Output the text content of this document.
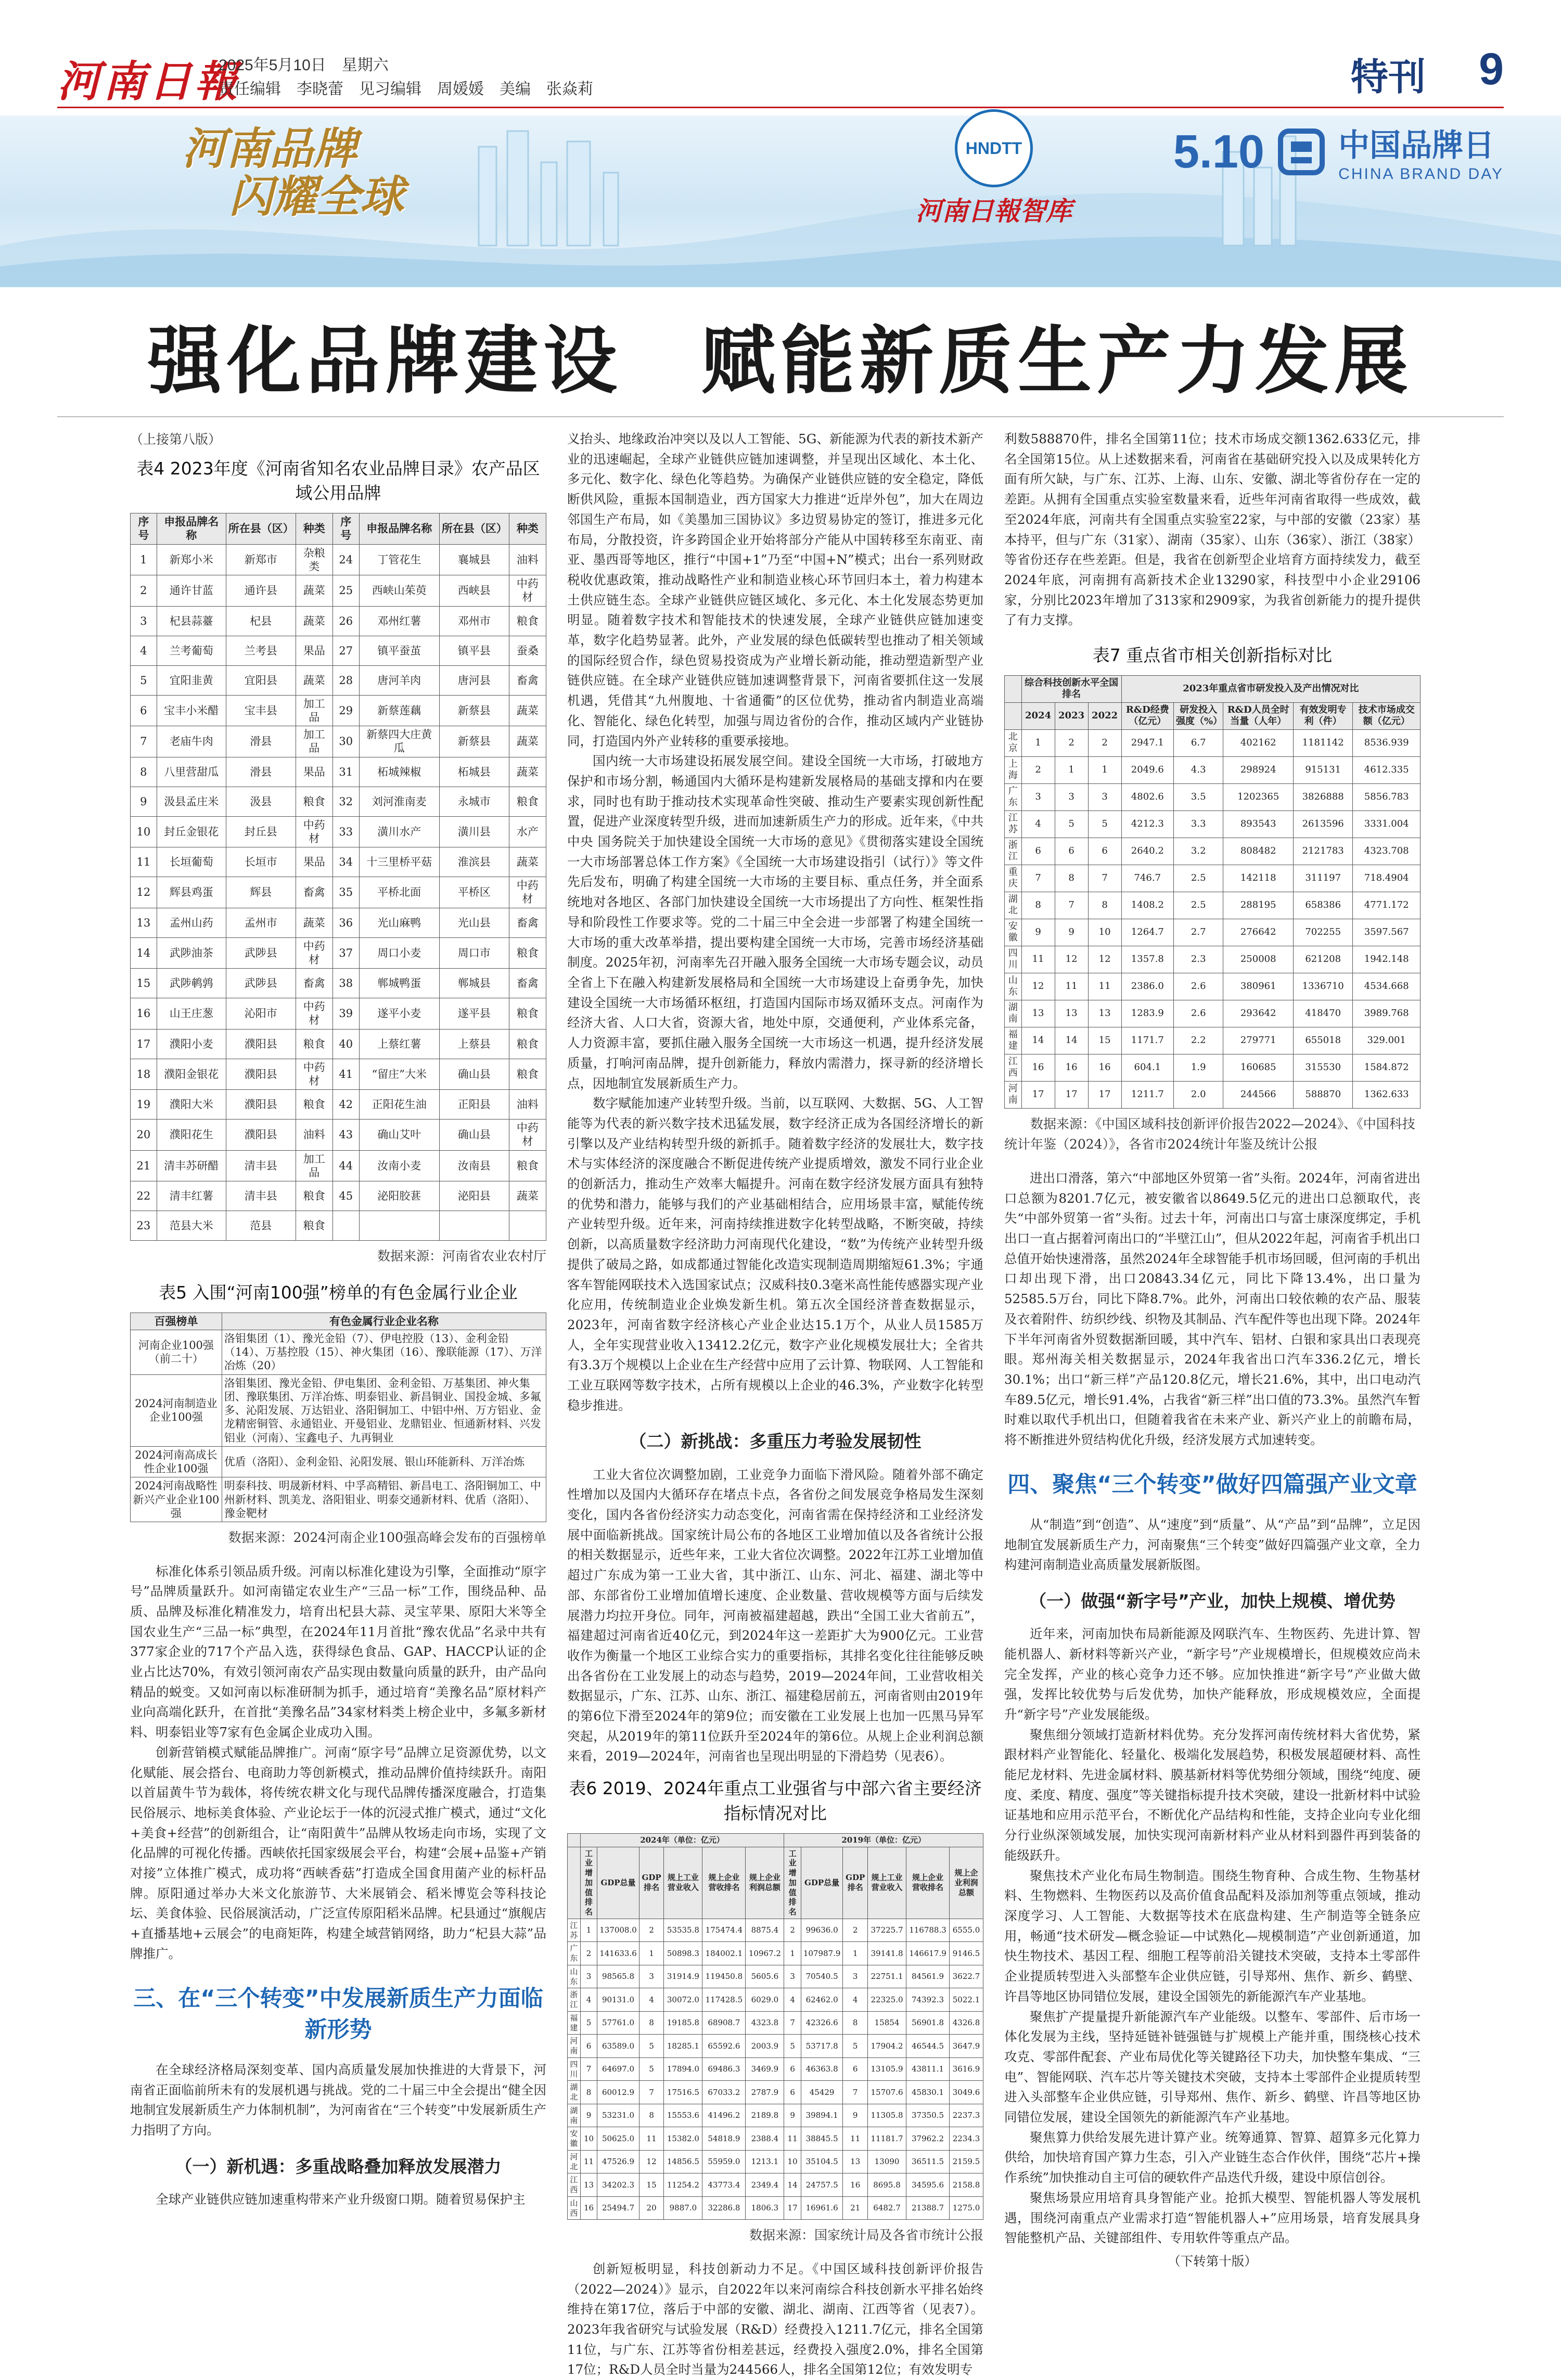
河南日報
2025年5月10日　星期六
责任编辑　李晓蕾　见习编辑　周媛媛　美编　张焱莉	特刊 9
河南品牌
闪耀全球
HNDTT
河南日報智库
5.10 中国品牌日
CHINA BRAND DAY
强化品牌建设　赋能新质生产力发展
（上接第八版）
表4 2023年度《河南省知名农业品牌目录》农产品区域公用品牌
序号	申报品牌名称	所在县（区）	种类	序号	申报品牌名称	所在县（区）	种类
1	新郑小米	新郑市	杂粮类	24	丁管花生	襄城县	油料
2	通许甘蓝	通许县	蔬菜	25	西峡山茱萸	西峡县	中药材
3	杞县蒜薹	杞县	蔬菜	26	邓州红薯	邓州市	粮食
4	兰考葡萄	兰考县	果品	27	镇平蚕茧	镇平县	蚕桑
5	宜阳韭黄	宜阳县	蔬菜	28	唐河羊肉	唐河县	畜禽
6	宝丰小米醋	宝丰县	加工品	29	新蔡莲藕	新蔡县	蔬菜
7	老庙牛肉	滑县	加工品	30	新蔡四大庄黄瓜	新蔡县	蔬菜
8	八里营甜瓜	滑县	果品	31	柘城辣椒	柘城县	蔬菜
9	汲县孟庄米	汲县	粮食	32	刘河淮南麦	永城市	粮食
10	封丘金银花	封丘县	中药材	33	潢川水产	潢川县	水产
11	长垣葡萄	长垣市	果品	34	十三里桥平菇	淮滨县	蔬菜
12	辉县鸡蛋	辉县	畜禽	35	平桥北面	平桥区	中药材
13	孟州山药	孟州市	蔬菜	36	光山麻鸭	光山县	畜禽
14	武陟油茶	武陟县	中药材	37	周口小麦	周口市	粮食
15	武陟鹌鹑	武陟县	畜禽	38	郸城鸭蛋	郸城县	畜禽
16	山王庄葱	沁阳市	中药材	39	遂平小麦	遂平县	粮食
17	濮阳小麦	濮阳县	粮食	40	上蔡红薯	上蔡县	粮食
18	濮阳金银花	濮阳县	中药材	41	“留庄”大米	确山县	粮食
19	濮阳大米	濮阳县	粮食	42	正阳花生油	正阳县	油料
20	濮阳花生	濮阳县	油料	43	确山艾叶	确山县	中药材
21	清丰苏研醋	清丰县	加工品	44	汝南小麦	汝南县	粮食
22	清丰红薯	清丰县	粮食	45	泌阳胶葚	泌阳县	蔬菜
23	范县大米	范县	粮食				
数据来源：河南省农业农村厅
表5 入围“河南100强”榜单的有色金属行业企业
百强榜单	有色金属行业企业名称
河南企业100强（前二十）	洛钼集团（1）、豫光金铅（7）、伊电控股（13）、金利金铅（14）、万基控股（15）、神火集团（16）、豫联能源（17）、万洋冶炼（20）
2024河南制造业企业100强	洛钼集团、豫光金铅、伊电集团、金利金铅、万基集团、神火集团、豫联集团、万洋冶炼、明泰铝业、新昌铜业、国投金城、多氟多、沁阳发展、万达铝业、洛阳铜加工、中铝中州、万方铝业、金龙精密铜管、永通铝业、开曼铝业、龙鼎铝业、恒通新材料、兴发铝业（河南）、宝鑫电子、九再铜业
2024河南高成长性企业100强	优盾（洛阳）、金利金铅、沁阳发展、银山环能新科、万洋冶炼
2024河南战略性新兴产业企业100强	明泰科技、明晟新材料、中孚高精铝、新昌电工、洛阳铜加工、中州新材料、凯美龙、洛阳钼业、明泰交通新材料、优盾（洛阳）、豫金靶材
数据来源：2024河南企业100强高峰会发布的百强榜单

标准化体系引领品质升级。河南以标准化建设为引擎，全面推动“原字号”品牌质量跃升。如河南锚定农业生产“三品一标”工作，围绕品种、品质、品牌及标准化精准发力，培育出杞县大蒜、灵宝苹果、原阳大米等全国农业生产“三品一标”典型，在2024年11月首批“豫农优品”名录中共有377家企业的717个产品入选，获得绿色食品、GAP、HACCP认证的企业占比达70%，有效引领河南农产品实现由数量向质量的跃升，由产品向精品的蜕变。又如河南以标准研制为抓手，通过培育“美豫名品”原材料产业向高端化跃升，在首批“美豫名品”34家材料类上榜企业中，多氟多新材料、明泰铝业等7家有色金属企业成功入围。

创新营销模式赋能品牌推广。河南“原字号”品牌立足资源优势，以文化赋能、展会搭台、电商助力等创新模式，推动品牌价值持续跃升。南阳以首届黄牛节为载体，将传统农耕文化与现代品牌传播深度融合，打造集民俗展示、地标美食体验、产业论坛于一体的沉浸式推广模式，通过“文化+美食+经营”的创新组合，让“南阳黄牛”品牌从牧场走向市场，实现了文化品牌的可视化传播。西峡依托国家级展会平台，构建“会展+品鉴+产销对接”立体推广模式，成功将“西峡香菇”打造成全国食用菌产业的标杆品牌。原阳通过举办大米文化旅游节、大米展销会、稻米博览会等科技论坛、美食体验、民俗展演活动，广泛宣传原阳稻米品牌。杞县通过“旗舰店+直播基地+云展会”的电商矩阵，构建全域营销网络，助力“杞县大蒜”品牌推广。

三、在“三个转变”中发展新质生产力面临新形势

在全球经济格局深刻变革、国内高质量发展加快推进的大背景下，河南省正面临前所未有的发展机遇与挑战。党的二十届三中全会提出“健全因地制宜发展新质生产力体制机制”，为河南省在“三个转变”中发展新质生产力指明了方向。

（一）新机遇：多重战略叠加释放发展潜力

全球产业链供应链加速重构带来产业升级窗口期。随着贸易保护主

义抬头、地缘政治冲突以及以人工智能、5G、新能源为代表的新技术新产业的迅速崛起，全球产业链供应链加速调整，并呈现出区域化、本土化、多元化、数字化、绿色化等趋势。为确保产业链供应链的安全稳定，降低断供风险，重振本国制造业，西方国家大力推进“近岸外包”，加大在周边邻国生产布局，如《美墨加三国协议》多边贸易协定的签订，推进多元化布局，分散投资，许多跨国企业开始将部分产能从中国转移至东南亚、南亚、墨西哥等地区，推行“中国+1”乃至“中国+N”模式；出台一系列财政税收优惠政策，推动战略性产业和制造业核心环节回归本土，着力构建本土供应链生态。全球产业链供应链区域化、多元化、本土化发展态势更加明显。随着数字技术和智能技术的快速发展，全球产业链供应链加速变革，数字化趋势显著。此外，产业发展的绿色低碳转型也推动了相关领域的国际经贸合作，绿色贸易投资成为产业增长新动能，推动塑造新型产业链供应链。在全球产业链供应链加速调整背景下，河南省要抓住这一发展机遇，凭借其“九州腹地、十省通衢”的区位优势，推动省内制造业高端化、智能化、绿色化转型，加强与周边省份的合作，推动区域内产业链协同，打造国内外产业转移的重要承接地。

国内统一大市场建设拓展发展空间。建设全国统一大市场，打破地方保护和市场分割，畅通国内大循环是构建新发展格局的基础支撑和内在要求，同时也有助于推动技术实现革命性突破、推动生产要素实现创新性配置，促进产业深度转型升级，进而加速新质生产力的形成。近年来，《中共中央 国务院关于加快建设全国统一大市场的意见》《贯彻落实建设全国统一大市场部署总体工作方案》《全国统一大市场建设指引（试行）》等文件先后发布，明确了构建全国统一大市场的主要目标、重点任务，并全面系统地对各地区、各部门加快建设全国统一大市场提出了方向性、框架性指导和阶段性工作要求等。党的二十届三中全会进一步部署了构建全国统一大市场的重大改革举措，提出要构建全国统一大市场，完善市场经济基础制度。2025年初，河南率先召开融入服务全国统一大市场专题会议，动员全省上下在融入构建新发展格局和全国统一大市场建设上奋勇争先，加快建设全国统一大市场循环枢纽，打造国内国际市场双循环支点。河南作为经济大省、人口大省，资源大省，地处中原，交通便利，产业体系完备，人力资源丰富，要抓住融入服务全国统一大市场这一机遇，提升经济发展质量，打响河南品牌，提升创新能力，释放内需潜力，探寻新的经济增长点，因地制宜发展新质生产力。

数字赋能加速产业转型升级。当前，以互联网、大数据、5G、人工智能等为代表的新兴数字技术迅猛发展，数字经济正成为各国经济增长的新引擎以及产业结构转型升级的新抓手。随着数字经济的发展壮大，数字技术与实体经济的深度融合不断促进传统产业提质增效，激发不同行业企业的创新活力，推动生产效率大幅提升。河南在数字经济发展方面具有独特的优势和潜力，能够与我们的产业基础相结合，应用场景丰富，赋能传统产业转型升级。近年来，河南持续推进数字化转型战略，不断突破，持续创新，以高质量数字经济助力河南现代化建设，“数”为传统产业转型升级提供了破局之路，如成都通过智能化改造实现制造周期缩短61.3%；宇通客车智能网联技术入选国家试点；汉威科技0.3毫米高性能传感器实现产业化应用，传统制造业企业焕发新生机。第五次全国经济普查数据显示，2023年，河南省数字经济核心产业企业达15.1万个，从业人员1585万人，全年实现营业收入13412.2亿元，数字产业化规模发展壮大；全省共有3.3万个规模以上企业在生产经营中应用了云计算、物联网、人工智能和工业互联网等数字技术，占所有规模以上企业的46.3%，产业数字化转型稳步推进。

（二）新挑战：多重压力考验发展韧性

工业大省位次调整加剧，工业竞争力面临下滑风险。随着外部不确定性增加以及国内大循环存在堵点卡点，各省份之间发展竞争格局发生深刻变化，国内各省份经济实力动态变化，河南省需在保持经济和工业经济发展中面临新挑战。国家统计局公布的各地区工业增加值以及各省统计公报的相关数据显示，近些年来，工业大省位次调整。2022年江苏工业增加值超过广东成为第一工业大省，其中浙江、山东、河北、福建、湖北等中部、东部省份工业增加值增长速度、企业数量、营收规模等方面与后续发展潜力均拉开身位。同年，河南被福建超越，跌出“全国工业大省前五”，福建超过河南省近40亿元，到2024年这一差距扩大为900亿元。工业营收作为衡量一个地区工业综合实力的重要指标，其排名变化往往能够反映出各省份在工业发展上的动态与趋势，2019—2024年间，工业营收相关数据显示，广东、江苏、山东、浙江、福建稳居前五，河南省则由2019年的第6位下滑至2024年的第9位；而安徽在工业发展上也加一匹黑马异军突起，从2019年的第11位跃升至2024年的第6位。从规上企业利润总额来看，2019—2024年，河南省也呈现出明显的下滑趋势（见表6）。

表6 2019、2024年重点工业强省与中部六省主要经济指标情况对比
	2024年（单位：亿元）						2019年（单位：亿元）					
	工业增加值排名	GDP总量	GDP排名	规上工业营业收入	规上企业营收排名	规上企业利润总额	工业增加值排名	GDP总量	GDP排名	规上工业营业收入	规上企业营收排名	规上企业利润总额
江苏	1	137008.0	2	53535.8	175474.4	8875.4	2	99636.0	2	37225.7	116788.3	6555.0
广东	2	141633.6	1	50898.3	184002.1	10967.2	1	107987.9	1	39141.8	146617.9	9146.5
山东	3	98565.8	3	31914.9	119450.8	5605.6	3	70540.5	3	22751.1	84561.9	3622.7
浙江	4	90131.0	4	30072.0	117428.5	6029.0	4	62462.0	4	22325.0	74392.3	5022.1
福建	5	57761.0	8	19185.8	68908.7	4323.8	7	42326.6	8	15854	56901.8	4326.8
河南	6	63589.0	5	18285.1	65592.6	2003.9	5	53717.8	5	17904.2	46544.5	3647.9
四川	7	64697.0	5	17894.0	69486.3	3469.9	6	46363.8	6	13105.9	43811.1	3616.9
湖北	8	60012.9	7	17516.5	67033.2	2787.9	6	45429	7	15707.6	45830.1	3049.6
湖南	9	53231.0	8	15553.6	41496.2	2189.8	9	39894.1	9	11305.8	37350.5	2237.3
安徽	10	50625.0	11	15382.0	54818.9	2388.4	11	38845.5	11	11181.7	37962.2	2234.3
河北	11	47526.9	12	14856.5	55959.0	1213.1	10	35104.5	13	13090	36511.5	2159.5
江西	13	34202.3	15	11254.2	43773.4	2349.4	14	24757.5	16	8695.8	34595.6	2158.8
山西	16	25494.7	20	9887.0	32286.8	1806.3	17	16961.6	21	6482.7	21388.7	1275.0
数据来源：国家统计局及各省市统计公报

创新短板明显，科技创新动力不足。《中国区域科技创新评价报告（2022—2024）》显示，自2022年以来河南综合科技创新水平排名始终维持在第17位，落后于中部的安徽、湖北、湖南、江西等省（见表7）。2023年我省研究与试验发展（R&D）经费投入1211.7亿元，排名全国第11位，与广东、江苏等省份相差甚远，经费投入强度2.0%，排名全国第17位；R&D人员全时当量为244566人，排名全国第12位；有效发明专

利数588870件，排名全国第11位；技术市场成交额1362.633亿元，排名全国第15位。从上述数据来看，河南省在基础研究投入以及成果转化方面有所欠缺，与广东、江苏、上海、山东、安徽、湖北等省份存在一定的差距。从拥有全国重点实验室数量来看，近些年河南省取得一些成效，截至2024年底，河南共有全国重点实验室22家，与中部的安徽（23家）基本持平，但与广东（31家）、湖南（35家）、山东（36家）、浙江（38家）等省份还存在些差距。但是，我省在创新型企业培育方面持续发力，截至2024年底，河南拥有高新技术企业13290家，科技型中小企业29106家，分别比2023年增加了313家和2909家，为我省创新能力的提升提供了有力支撑。

表7 重点省市相关创新指标对比
	综合科技创新水平全国排名			2023年重点省市研发投入及产出情况对比				
	2024	2023	2022	R&D经费（亿元）	研发投入强度（%）	R&D人员全时当量（人年）	有效发明专利（件）	技术市场成交额（亿元）
北京	1	2	2	2947.1	6.7	402162	1181142	8536.939
上海	2	1	1	2049.6	4.3	298924	915131	4612.335
广东	3	3	3	4802.6	3.5	1202365	3826888	5856.783
江苏	4	5	5	4212.3	3.3	893543	2613596	3331.004
浙江	6	6	6	2640.2	3.2	808482	2121783	4323.708
重庆	7	8	7	746.7	2.5	142118	311197	718.4904
湖北	8	7	8	1408.2	2.5	288195	658386	4771.172
安徽	9	9	10	1264.7	2.7	276642	702255	3597.567
四川	11	12	12	1357.8	2.3	250008	621208	1942.148
山东	12	11	11	2386.0	2.6	380961	1336710	4534.668
湖南	13	13	13	1283.9	2.6	293642	418470	3989.768
福建	14	14	15	1171.7	2.2	279771	655018	329.001
江西	16	16	16	604.1	1.9	160685	315530	1584.872
河南	17	17	17	1211.7	2.0	244566	588870	1362.633
数据来源：《中国区域科技创新评价报告2022—2024》、《中国科技统计年鉴（2024）》，各省市2024统计年鉴及统计公报

进出口滑落，第六“中部地区外贸第一省”头衔。2024年，河南省进出口总额为8201.7亿元，被安徽省以8649.5亿元的进出口总额取代，丧失“中部外贸第一省”头衔。过去十年，河南出口与富士康深度绑定，手机出口一直占据着河南出口的“半壁江山”，但从2022年起，河南省手机出口总值开始快速滑落，虽然2024年全球智能手机市场回暖，但河南的手机出口却出现下滑，出口20843.34亿元，同比下降13.4%，出口量为52585.5万台，同比下降8.7%。此外，河南出口较依赖的农产品、服装及衣着附件、纺织纱线、织物及其制品、汽车配件等也出现下降。2024年下半年河南省外贸数据渐回暖，其中汽车、铝材、白银和家具出口表现亮眼。郑州海关相关数据显示，2024年我省出口汽车336.2亿元，增长30.1%；出口“新三样”产品120.8亿元，增长21.6%，其中，出口电动汽车89.5亿元，增长91.4%，占我省“新三样”出口值的73.3%。虽然汽车暂时难以取代手机出口，但随着我省在未来产业、新兴产业上的前瞻布局，将不断推进外贸结构优化升级，经济发展方式加速转变。

四、聚焦“三个转变”做好四篇强产业文章

从“制造”到“创造”、从“速度”到“质量”、从“产品”到“品牌”，立足因地制宜发展新质生产力，河南聚焦“三个转变”做好四篇强产业文章，全力构建河南制造业高质量发展新版图。

（一）做强“新字号”产业，加快上规模、增优势

近年来，河南加快布局新能源及网联汽车、生物医药、先进计算、智能机器人、新材料等新兴产业，“新字号”产业规模增长，但规模效应尚未完全发挥，产业的核心竞争力还不够。应加快推进“新字号”产业做大做强，发挥比较优势与后发优势，加快产能释放，形成规模效应，全面提升“新字号”产业发展能级。

聚焦细分领域打造新材料优势。充分发挥河南传统材料大省优势，紧跟材料产业智能化、轻量化、极端化发展趋势，积极发展超硬材料、高性能尼龙材料、先进金属材料、膜基新材料等优势细分领域，围绕“纯度、硬度、柔度、精度、强度”等关键指标提升技术突破，建设一批新材料中试验证基地和应用示范平台，不断优化产品结构和性能，支持企业向专业化细分行业纵深领域发展，加快实现河南新材料产业从材料到器件再到装备的能级跃升。

聚焦技术产业化布局生物制造。围绕生物育种、合成生物、生物基材料、生物燃料、生物医药以及高价值食品配料及添加剂等重点领域，推动深度学习、人工智能、大数据等技术在底盘构建、生产制造等全链条应用，畅通“技术研发—概念验证—中试熟化—规模制造”产业创新通道，加快生物技术、基因工程、细胞工程等前沿关键技术突破，支持本土零部件企业提质转型进入头部整车企业供应链，引导郑州、焦作、新乡、鹤壁、许昌等地区协同错位发展，建设全国领先的新能源汽车产业基地。

聚焦扩产提量提升新能源汽车产业能级。以整车、零部件、后市场一体化发展为主线，坚持延链补链强链与扩规模上产能并重，围绕核心技术攻克、零部件配套、产业布局优化等关键路径下功夫，加快整车集成、“三电”、智能网联、汽车芯片等关键技术突破，支持本土零部件企业提质转型进入头部整车企业供应链，引导郑州、焦作、新乡、鹤壁、许昌等地区协同错位发展，建设全国领先的新能源汽车产业基地。

聚焦算力供给发展先进计算产业。统筹通算、智算、超算多元化算力供给，加快培育国产算力生态，引入产业链生态合作伙伴，围绕“芯片+操作系统”加快推动自主可信的硬软件产品迭代升级，建设中原信创谷。

聚焦场景应用培育具身智能产业。抢抓大模型、智能机器人等发展机遇，围绕河南重点产业需求打造“智能机器人+”应用场景，培育发展具身智能整机产品、关键部组件、专用软件等重点产品。

（下转第十版）
